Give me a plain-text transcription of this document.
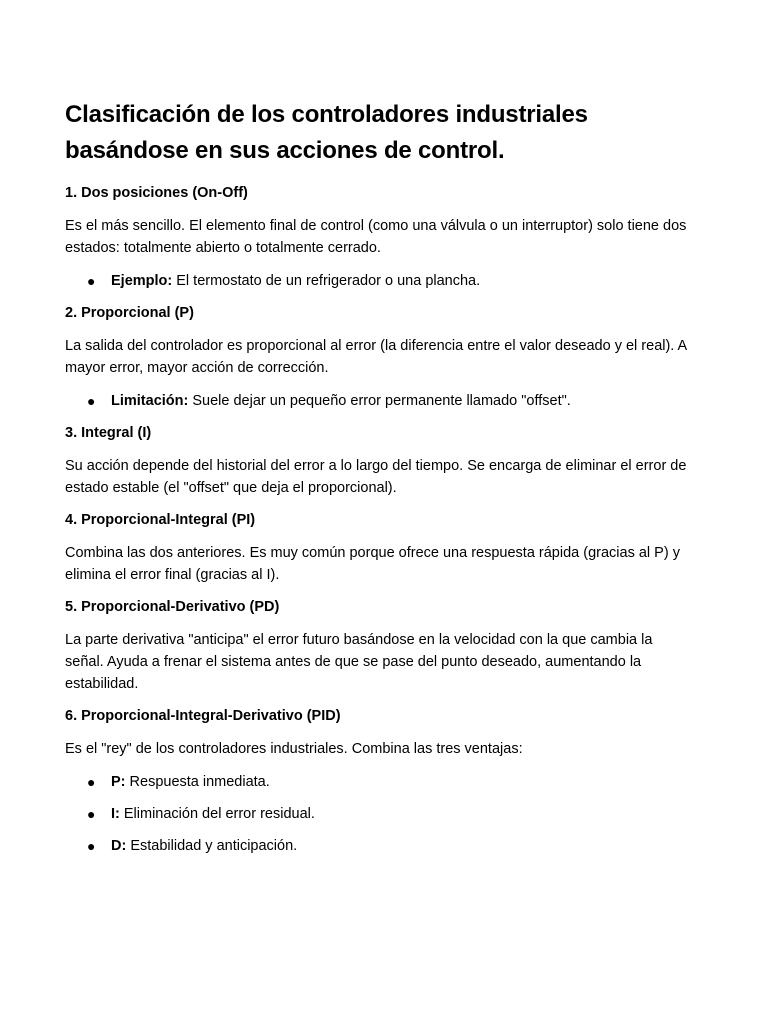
Clasificación de los controladores industriales
basándose en sus acciones de control.
1. Dos posiciones (On-Off)

Es el más sencillo. El elemento final de control (como una válvula o un interruptor) solo tiene dos estados: totalmente abierto o totalmente cerrado.

● Ejemplo: El termostato de un refrigerador o una plancha.
2. Proporcional (P)

La salida del controlador es proporcional al error (la diferencia entre el valor deseado y el real). A mayor error, mayor acción de corrección.

● Limitación: Suele dejar un pequeño error permanente llamado "offset".
3. Integral (I)

Su acción depende del historial del error a lo largo del tiempo. Se encarga de eliminar el error de estado estable (el "offset" que deja el proporcional).

4. Proporcional-Integral (PI)

Combina las dos anteriores. Es muy común porque ofrece una respuesta rápida (gracias al P) y elimina el error final (gracias al I).

5. Proporcional-Derivativo (PD)

La parte derivativa "anticipa" el error futuro basándose en la velocidad con la que cambia la señal. Ayuda a frenar el sistema antes de que se pase del punto deseado, aumentando la estabilidad.

6. Proporcional-Integral-Derivativo (PID)

Es el "rey" de los controladores industriales. Combina las tres ventajas:

● P: Respuesta inmediata.
● I: Eliminación del error residual.
● D: Estabilidad y anticipación.
